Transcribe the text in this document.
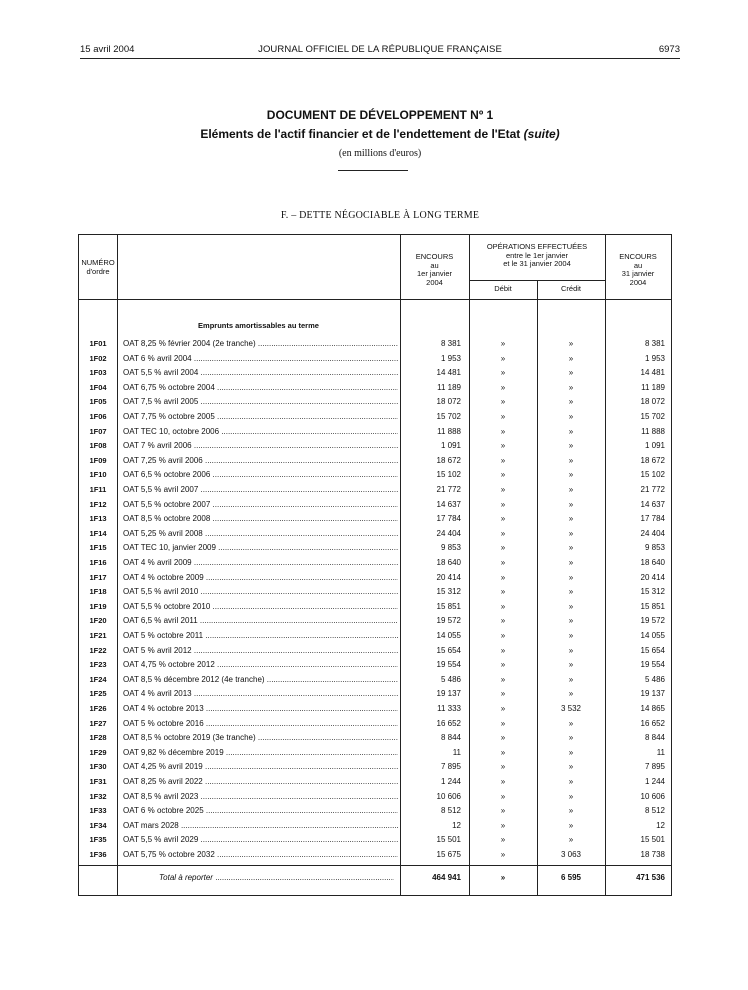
15 avril 2004	JOURNAL OFFICIEL DE LA RÉPUBLIQUE FRANÇAISE	6973
DOCUMENT DE DÉVELOPPEMENT Nº 1
Eléments de l'actif financier et de l'endettement de l'Etat (suite)
(en millions d'euros)
F. – DETTE NÉGOCIABLE À LONG TERME
NUMÉRO d'ordre
ENCOURS
au
1er janvier
2004
OPÉRATIONS EFFECTUÉES
entre le 1er janvier
et le 31 janvier 2004
Débit	Crédit
ENCOURS
au
31 janvier
2004
Emprunts amortissables au terme
1F01	OAT 8,25 % février 2004 (2e tranche) .....	8 381	»	»	8 381
1F02	OAT 6 % avril 2004 .....	1 953	»	»	1 953
1F03	OAT 5,5 % avril 2004 .....	14 481	»	»	14 481
1F04	OAT 6,75 % octobre 2004 .....	11 189	»	»	11 189
1F05	OAT 7,5 % avril 2005 .....	18 072	»	»	18 072
1F06	OAT 7,75 % octobre 2005 .....	15 702	»	»	15 702
1F07	OAT TEC 10, octobre 2006 .....	11 888	»	»	11 888
1F08	OAT 7 % avril 2006 .....	1 091	»	»	1 091
1F09	OAT 7,25 % avril 2006 .....	18 672	»	»	18 672
1F10	OAT 6,5 % octobre 2006 .....	15 102	»	»	15 102
1F11	OAT 5,5 % avril 2007 .....	21 772	»	»	21 772
1F12	OAT 5,5 % octobre 2007 .....	14 637	»	»	14 637
1F13	OAT 8,5 % octobre 2008 .....	17 784	»	»	17 784
1F14	OAT 5,25 % avril 2008 .....	24 404	»	»	24 404
1F15	OAT TEC 10, janvier 2009 .....	9 853	»	»	9 853
1F16	OAT 4 % avril 2009 .....	18 640	»	»	18 640
1F17	OAT 4 % octobre 2009 .....	20 414	»	»	20 414
1F18	OAT 5,5 % avril 2010 .....	15 312	»	»	15 312
1F19	OAT 5,5 % octobre 2010 .....	15 851	»	»	15 851
1F20	OAT 6,5 % avril 2011 .....	19 572	»	»	19 572
1F21	OAT 5 % octobre 2011 .....	14 055	»	»	14 055
1F22	OAT 5 % avril 2012 .....	15 654	»	»	15 654
1F23	OAT 4,75 % octobre 2012 .....	19 554	»	»	19 554
1F24	OAT 8,5 % décembre 2012 (4e tranche) .....	5 486	»	»	5 486
1F25	OAT 4 % avril 2013 .....	19 137	»	»	19 137
1F26	OAT 4 % octobre 2013 .....	11 333	»	3 532	14 865
1F27	OAT 5 % octobre 2016 .....	16 652	»	»	16 652
1F28	OAT 8,5 % octobre 2019 (3e tranche) .....	8 844	»	»	8 844
1F29	OAT 9,82 % décembre 2019 .....	11	»	»	11
1F30	OAT 4,25 % avril 2019 .....	7 895	»	»	7 895
1F31	OAT 8,25 % avril 2022 .....	1 244	»	»	1 244
1F32	OAT 8,5 % avril 2023 .....	10 606	»	»	10 606
1F33	OAT 6 % octobre 2025 .....	8 512	»	»	8 512
1F34	OAT mars 2028 .....	12	»	»	12
1F35	OAT 5,5 % avril 2029 .....	15 501	»	»	15 501
1F36	OAT 5,75 % octobre 2032 .....	15 675	»	3 063	18 738
Total à reporter .....	464 941	»	6 595	471 536
